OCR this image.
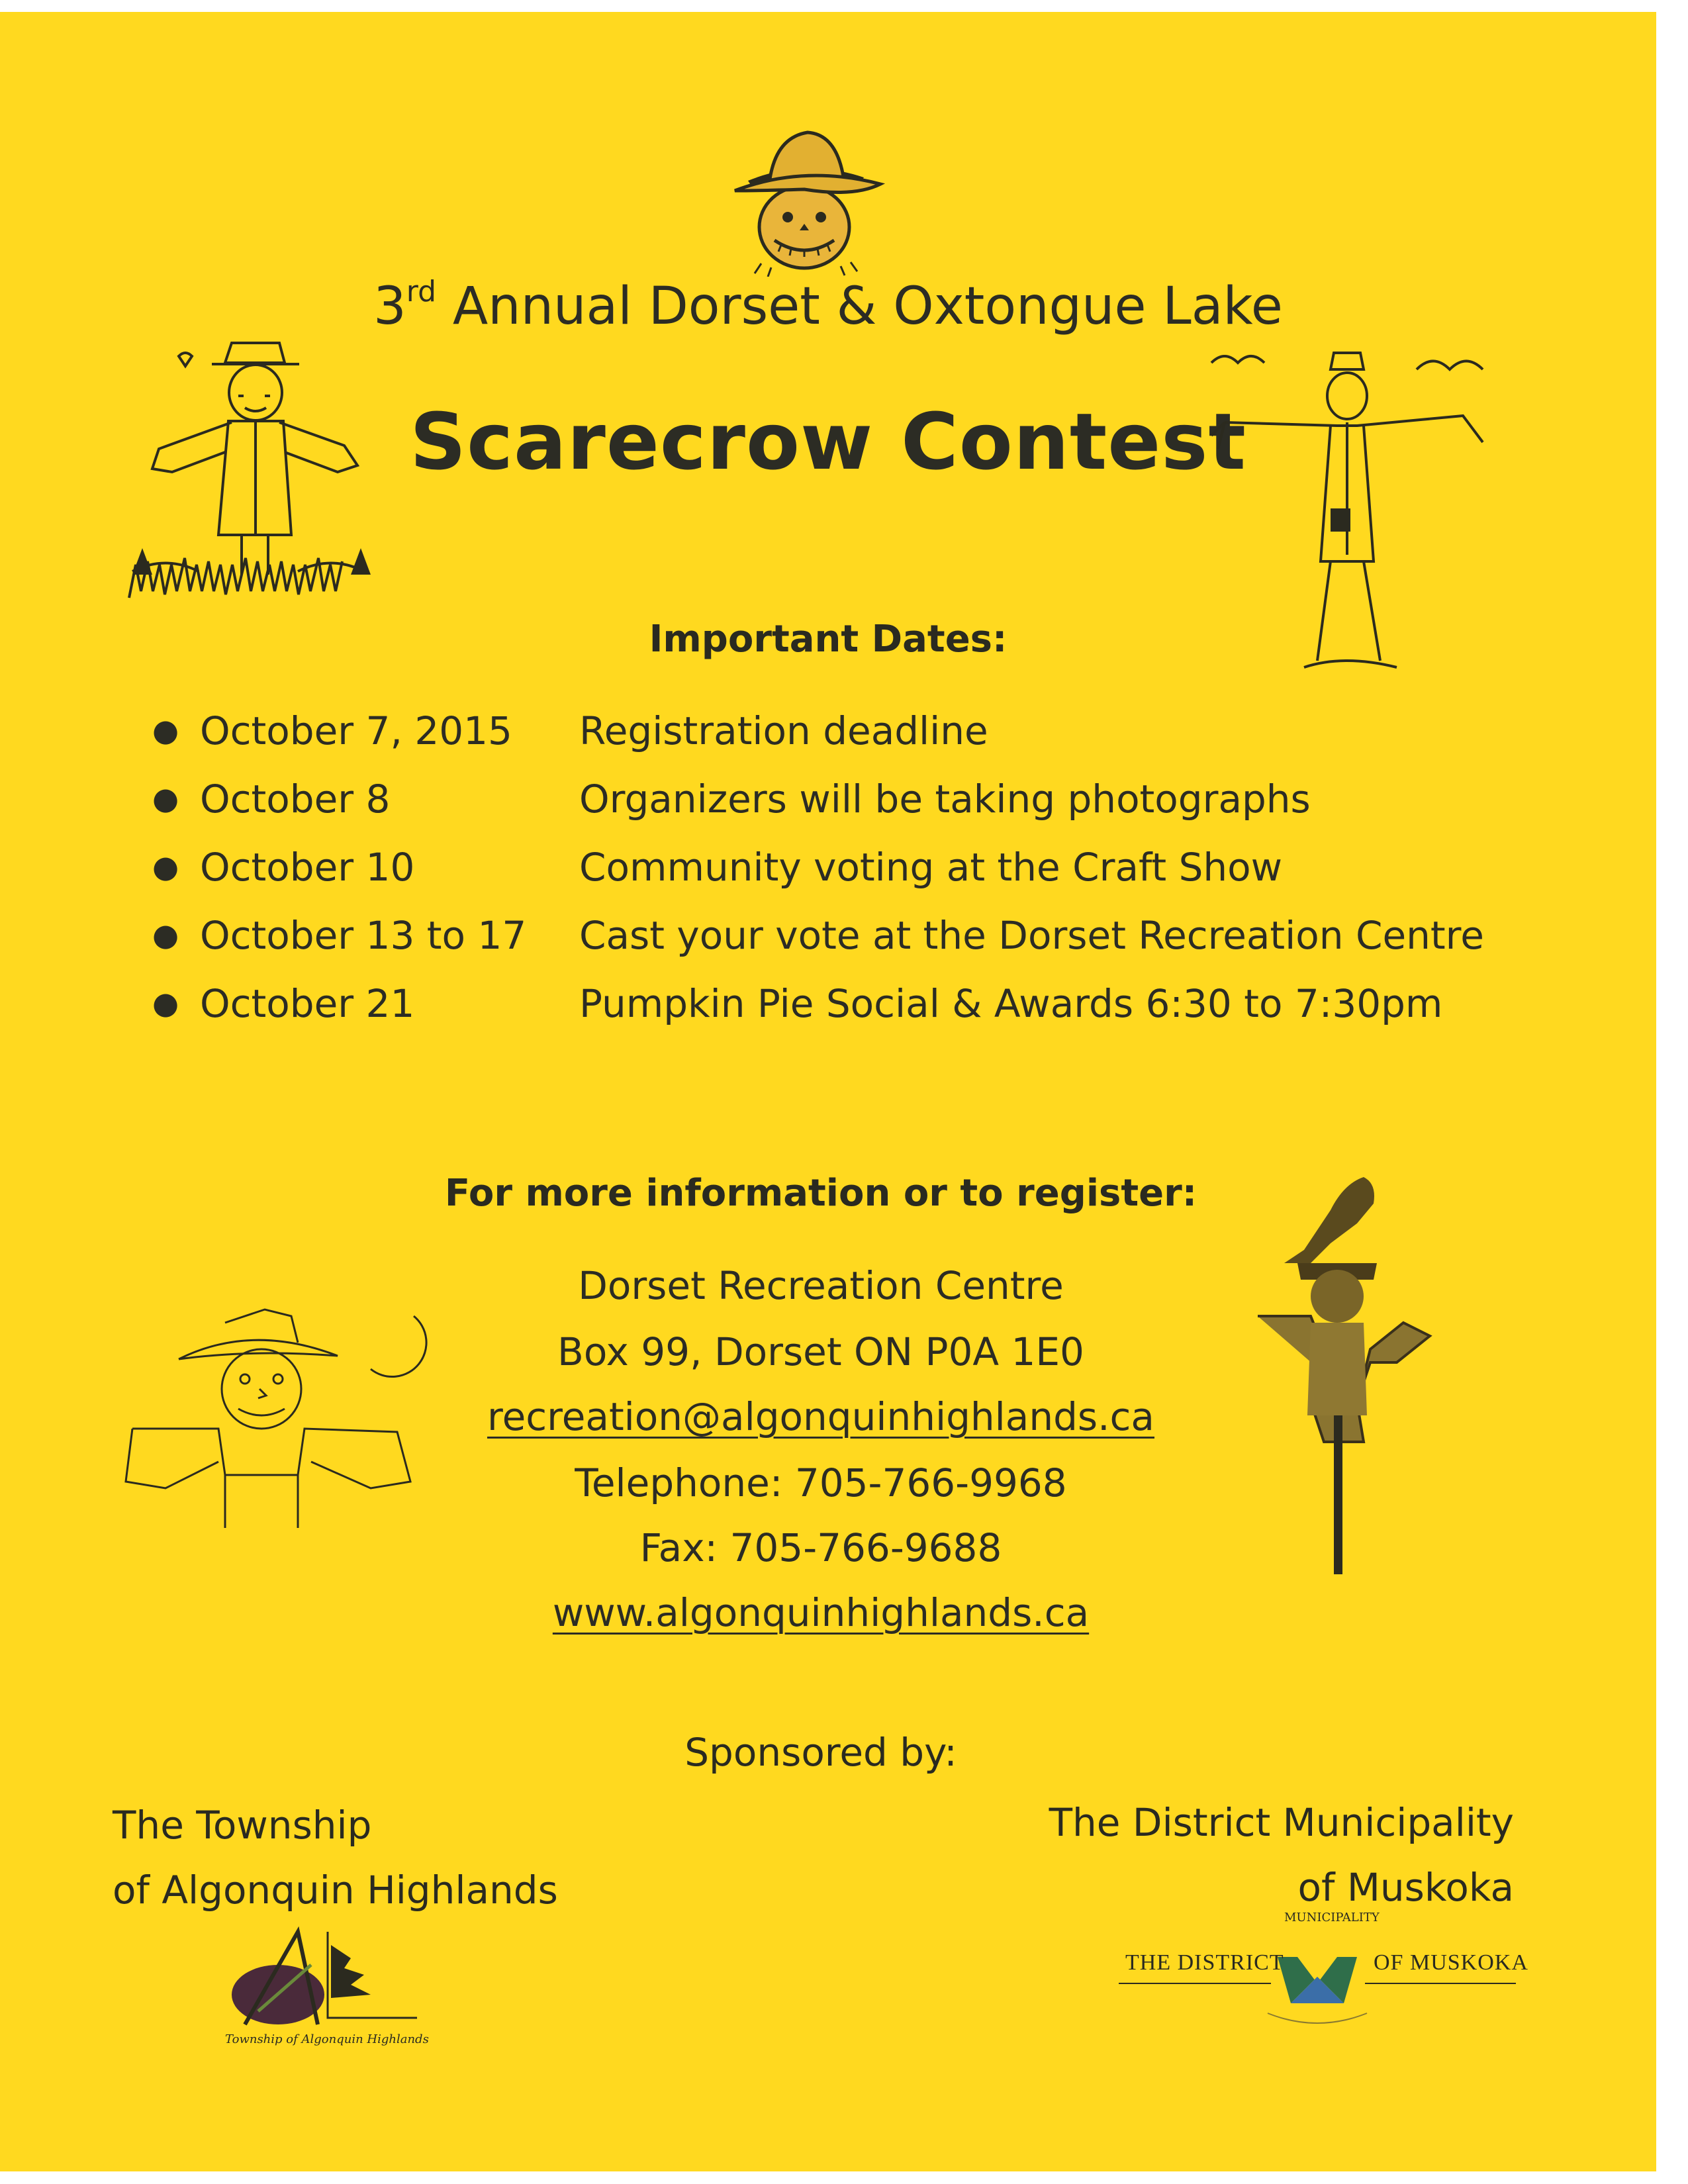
3rd Annual Dorset & Oxtongue Lake
Scarecrow Contest
Important Dates:
● October 7, 2015 Registration deadline
● October 8	Organizers will be taking photographs
● October 10	Community voting at the Craft Show
● October 13 to 17 Cast your vote at the Dorset Recreation Centre
● October 21	Pumpkin Pie Social & Awards 6:30 to 7:30pm
For more information or to register:
Dorset Recreation Centre
Box 99, Dorset ON P0A 1E0
recreation@algonquinhighlands.ca
Telephone: 705-766-9968
Fax: 705-766-9688
www.algonquinhighlands.ca
Sponsored by:
The Township
of Algonquin Highlands
The District Municipality
of Muskoka
Township of Algonquin Highlands
THE DISTRICT	OF MUSKOKA
MUNICIPALITY
